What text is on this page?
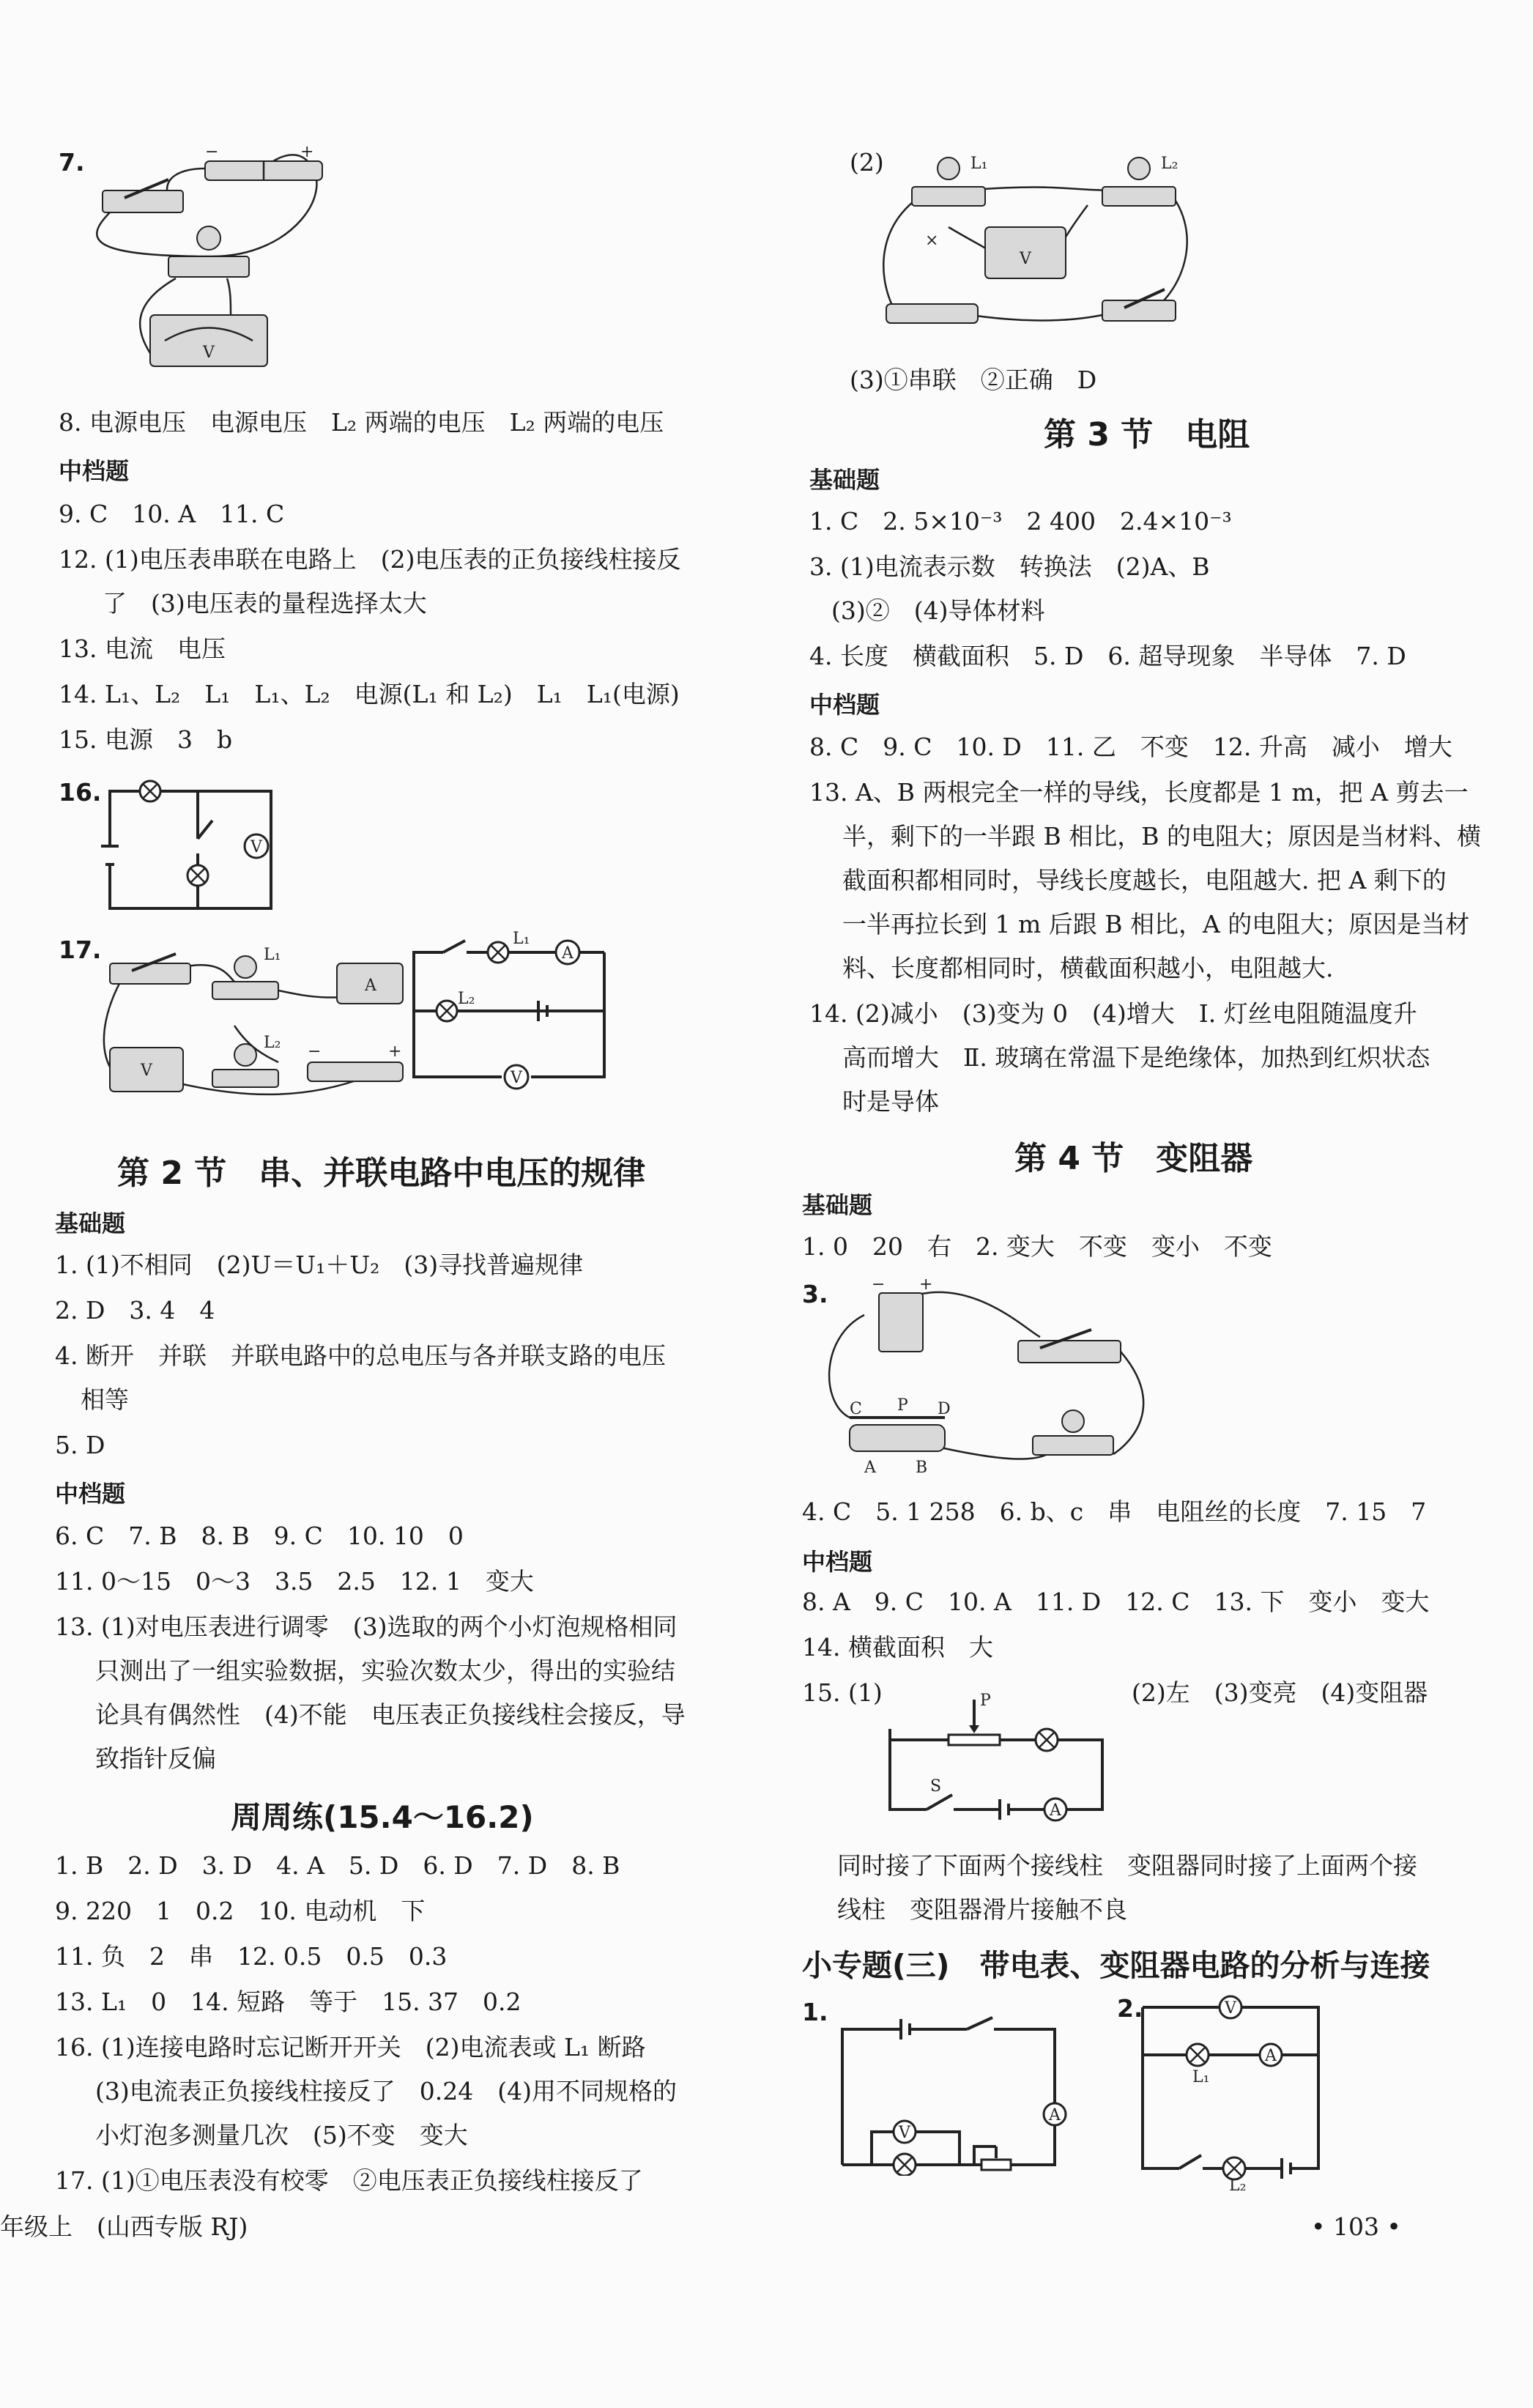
7.	−	+
V
8. 电源电压　电源电压　L₂ 两端的电压　L₂ 两端的电压
中档题
9. C　10. A　11. C
12. (1)电压表串联在电路上　(2)电压表的正负接线柱接反
了　(3)电压表的量程选择太大
13. 电流　电压
14. L₁、L₂　L₁　L₁、L₂　电源(L₁ 和 L₂)　L₁　L₁(电源)
15. 电源　3　b
16.
V
17.	L₁
A
V
L₂ −	+
L₁
A
L₂
V
第 2 节　串、并联电路中电压的规律
基础题
1. (1)不相同　(2)U＝U₁＋U₂　(3)寻找普遍规律
2. D　3. 4　4
4. 断开　并联　并联电路中的总电压与各并联支路的电压
相等
5. D
中档题
6. C　7. B　8. B　9. C　10. 10　0
11. 0～15　0～3　3.5　2.5　12. 1　变大
13. (1)对电压表进行调零　(3)选取的两个小灯泡规格相同
只测出了一组实验数据，实验次数太少，得出的实验结
论具有偶然性　(4)不能　电压表正负接线柱会接反，导
致指针反偏
周周练(15.4～16.2)
1. B　2. D　3. D　4. A　5. D　6. D　7. D　8. B
9. 220　1　0.2　10. 电动机　下
11. 负　2　串　12. 0.5　0.5　0.3
13. L₁　0　14. 短路　等于　15. 37　0.2
16. (1)连接电路时忘记断开开关　(2)电流表或 L₁ 断路
(3)电流表正负接线柱接反了　0.24　(4)用不同规格的
小灯泡多测量几次　(5)不变　变大
17. (1)①电压表没有校零　②电压表正负接线柱接反了
年级上　(山西专版 RJ)
(2)	L₁	L₂
V
×
(3)①串联　②正确　D
第 3 节　电阻
基础题
1. C　2. 5×10⁻³　2 400　2.4×10⁻³
3. (1)电流表示数　转换法　(2)A、B
(3)②　(4)导体材料
4. 长度　横截面积　5. D　6. 超导现象　半导体　7. D
中档题
8. C　9. C　10. D　11. 乙　不变　12. 升高　减小　增大
13. A、B 两根完全一样的导线，长度都是 1 m，把 A 剪去一
半，剩下的一半跟 B 相比，B 的电阻大；原因是当材料、横
截面积都相同时，导线长度越长，电阻越大. 把 A 剩下的
一半再拉长到 1 m 后跟 B 相比，A 的电阻大；原因是当材
料、长度都相同时，横截面积越小，电阻越大.
14. (2)减小　(3)变为 0　(4)增大　Ⅰ. 灯丝电阻随温度升
高而增大　Ⅱ. 玻璃在常温下是绝缘体，加热到红炽状态
时是导体
第 4 节　变阻器
基础题
1. 0　20　右　2. 变大　不变　变小　不变
3.	− +
C P D
A B
4. C　5. 1 258　6. b、c　串　电阻丝的长度　7. 15　7
中档题
8. A　9. C　10. A　11. D　12. C　13. 下　变小　变大
14. 横截面积　大
15. (1)
A
P
S
(2)左　(3)变亮　(4)变阻器
同时接了下面两个接线柱　变阻器同时接了上面两个接
线柱　变阻器滑片接触不良
小专题(三)　带电表、变阻器电路的分析与连接
1.
A
V
2.
L₂
V
L₁
A
• 103 •
